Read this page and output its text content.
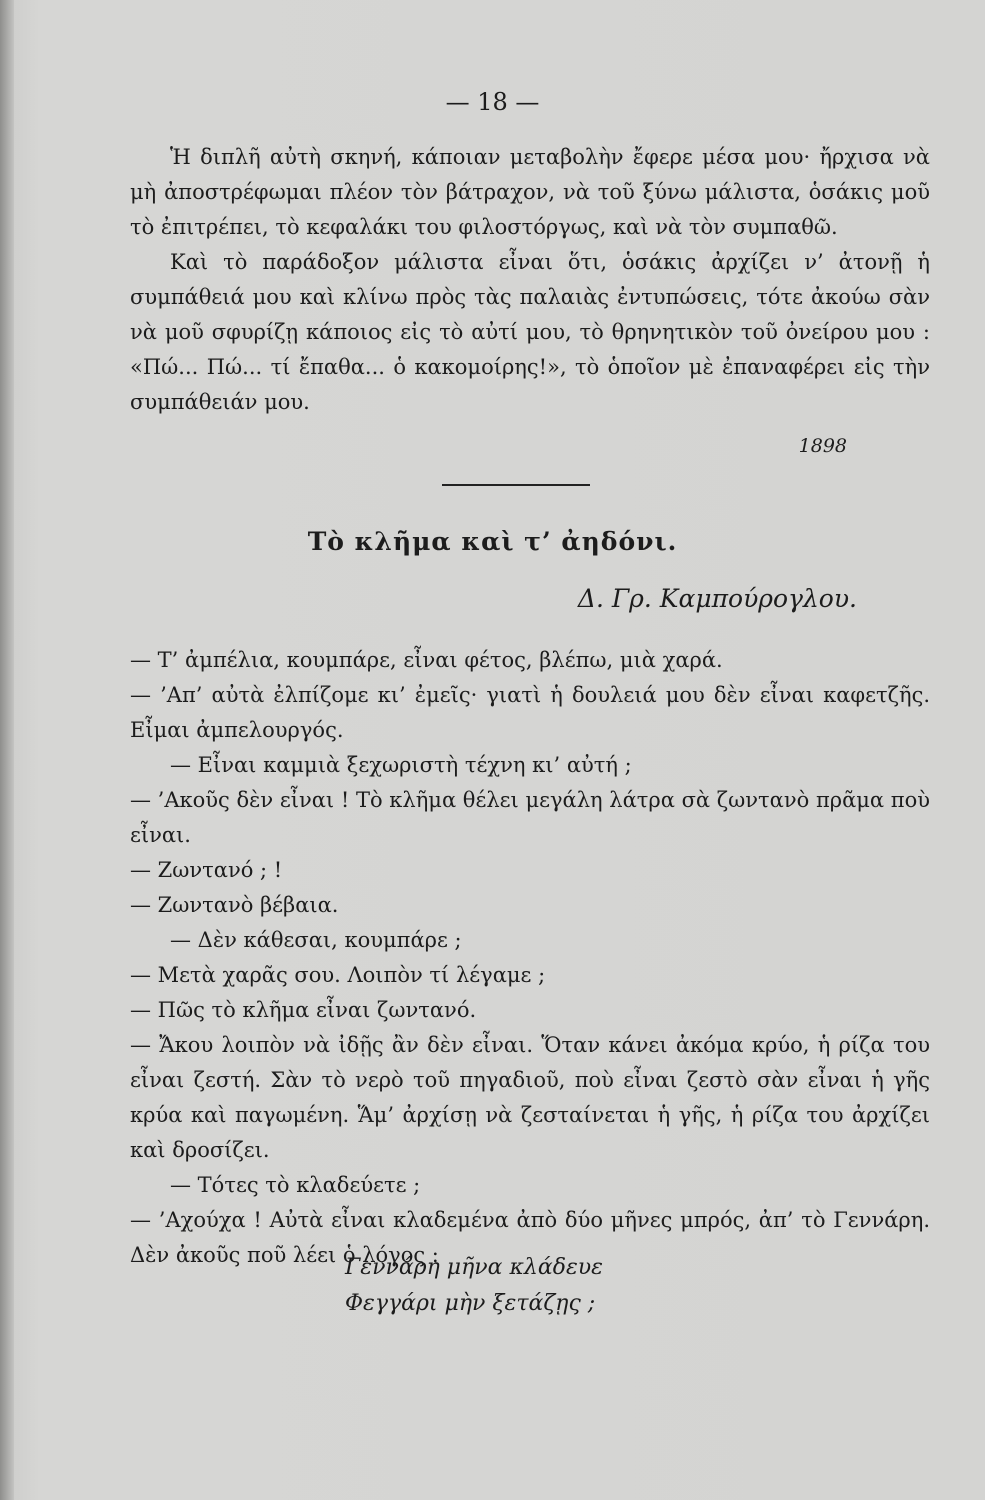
— 18 —

Ἡ διπλῆ αὐτὴ σκηνή, κάποιαν μεταβολὴν ἔφερε μέσα μου· ἤρχισα νὰ μὴ ἀποστρέφωμαι πλέον τὸν βάτραχον, νὰ τοῦ ξύνω μάλιστα, ὁσάκις μοῦ τὸ ἐπιτρέπει, τὸ κεφαλάκι του φιλοστόργως, καὶ νὰ τὸν συμπαθῶ.

Καὶ τὸ παράδοξον μάλιστα εἶναι ὅτι, ὁσάκις ἀρχίζει ν’ ἀτονῇ ἡ συμπάθειά μου καὶ κλίνω πρὸς τὰς παλαιὰς ἐντυπώσεις, τότε ἀκούω σὰν νὰ μοῦ σφυρίζῃ κάποιος εἰς τὸ αὐτί μου, τὸ θρηνητικὸν τοῦ ὀνείρου μου : «Πώ... Πώ... τί ἔπαθα... ὁ κακομοίρης!», τὸ ὁποῖον μὲ ἐπαναφέρει εἰς τὴν συμπάθειάν μου.

1898
Τὸ κλῆμα καὶ τ’ ἀηδόνι.
Δ. Γρ. Καμπούρογλου.

— Τ’ ἀμπέλια, κουμπάρε, εἶναι φέτος, βλέπω, μιὰ χαρά.

— ’Απ’ αὐτὰ ἐλπίζομε κι’ ἐμεῖς· γιατὶ ἡ δουλειά μου δὲν εἶναι καφετζῆς. Εἶμαι ἀμπελουργός.

— Εἶναι καμμιὰ ξεχωριστὴ τέχνη κι’ αὐτή ;

— ’Ακοῦς δὲν εἶναι ! Τὸ κλῆμα θέλει μεγάλη λάτρα σὰ ζωντανὸ πρᾶμα ποὺ εἶναι.

— Ζωντανό ; !

— Ζωντανὸ βέβαια.

— Δὲν κάθεσαι, κουμπάρε ;

— Μετὰ χαρᾶς σου. Λοιπὸν τί λέγαμε ;

— Πῶς τὸ κλῆμα εἶναι ζωντανό.

— Ἄκου λοιπὸν νὰ ἰδῇς ἂν δὲν εἶναι. Ὅταν κάνει ἀκόμα κρύο, ἡ ρίζα του εἶναι ζεστή. Σὰν τὸ νερὸ τοῦ πηγαδιοῦ, ποὺ εἶναι ζεστὸ σὰν εἶναι ἡ γῆς κρύα καὶ παγωμένη. Ἅμ’ ἀρχίσῃ νὰ ζεσταίνεται ἡ γῆς, ἡ ρίζα του ἀρχίζει καὶ δροσίζει.

— Τότες τὸ κλαδεύετε ;

— ’Αχούχα ! Αὐτὰ εἶναι κλαδεμένα ἀπὸ δύο μῆνες μπρός, ἀπ’ τὸ Γεννάρη. Δὲν ἀκοῦς ποῦ λέει ὁ λόγος :

Γεννάρη μῆνα κλάδευε
Φεγγάρι μὴν ξετάζῃς ;
